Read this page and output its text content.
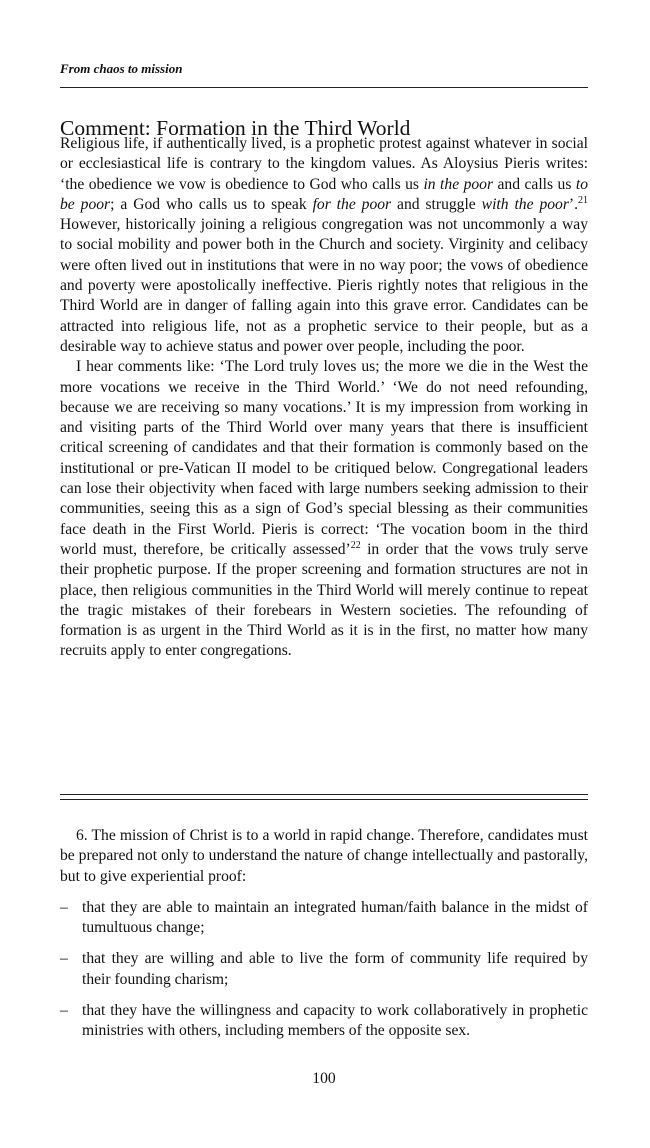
From chaos to mission
Comment: Formation in the Third World

Religious life, if authentically lived, is a prophetic protest against whatever in social or ecclesiastical life is contrary to the kingdom values. As Aloysius Pieris writes: ‘the obedience we vow is obedience to God who calls us in the poor and calls us to be poor; a God who calls us to speak for the poor and struggle with the poor’.$^{21}$ However, historically joining a religious congregation was not uncommonly a way to social mobility and power both in the Church and society. Virginity and celibacy were often lived out in institutions that were in no way poor; the vows of obedience and poverty were apostolically ineffective. Pieris rightly notes that religious in the Third World are in danger of falling again into this grave error. Candidates can be attracted into religious life, not as a prophetic service to their people, but as a desirable way to achieve status and power over people, including the poor.

I hear comments like: ‘The Lord truly loves us; the more we die in the West the more vocations we receive in the Third World.’ ‘We do not need refounding, because we are receiving so many vocations.’ It is my impression from working in and visiting parts of the Third World over many years that there is insufficient critical screening of candidates and that their formation is commonly based on the institutional or pre-Vatican II model to be critiqued below. Congregational leaders can lose their objectivity when faced with large numbers seeking admission to their communities, seeing this as a sign of God’s special blessing as their communities face death in the First World. Pieris is correct: ‘The vocation boom in the third world must, therefore, be critically assessed’$^{22}$ in order that the vows truly serve their prophetic purpose. If the proper screening and formation structures are not in place, then religious communities in the Third World will merely continue to repeat the tragic mistakes of their forebears in Western societies. The refounding of formation is as urgent in the Third World as it is in the first, no matter how many recruits apply to enter congregations.

6. The mission of Christ is to a world in rapid change. Therefore, candidates must be prepared not only to understand the nature of change intellectually and pastorally, but to give experiential proof:

– that they are able to maintain an integrated human/faith balance in the midst of tumultuous change;
– that they are willing and able to live the form of community life required by their founding charism;
– that they have the willingness and capacity to work collaboratively in prophetic ministries with others, including members of the opposite sex.
100
